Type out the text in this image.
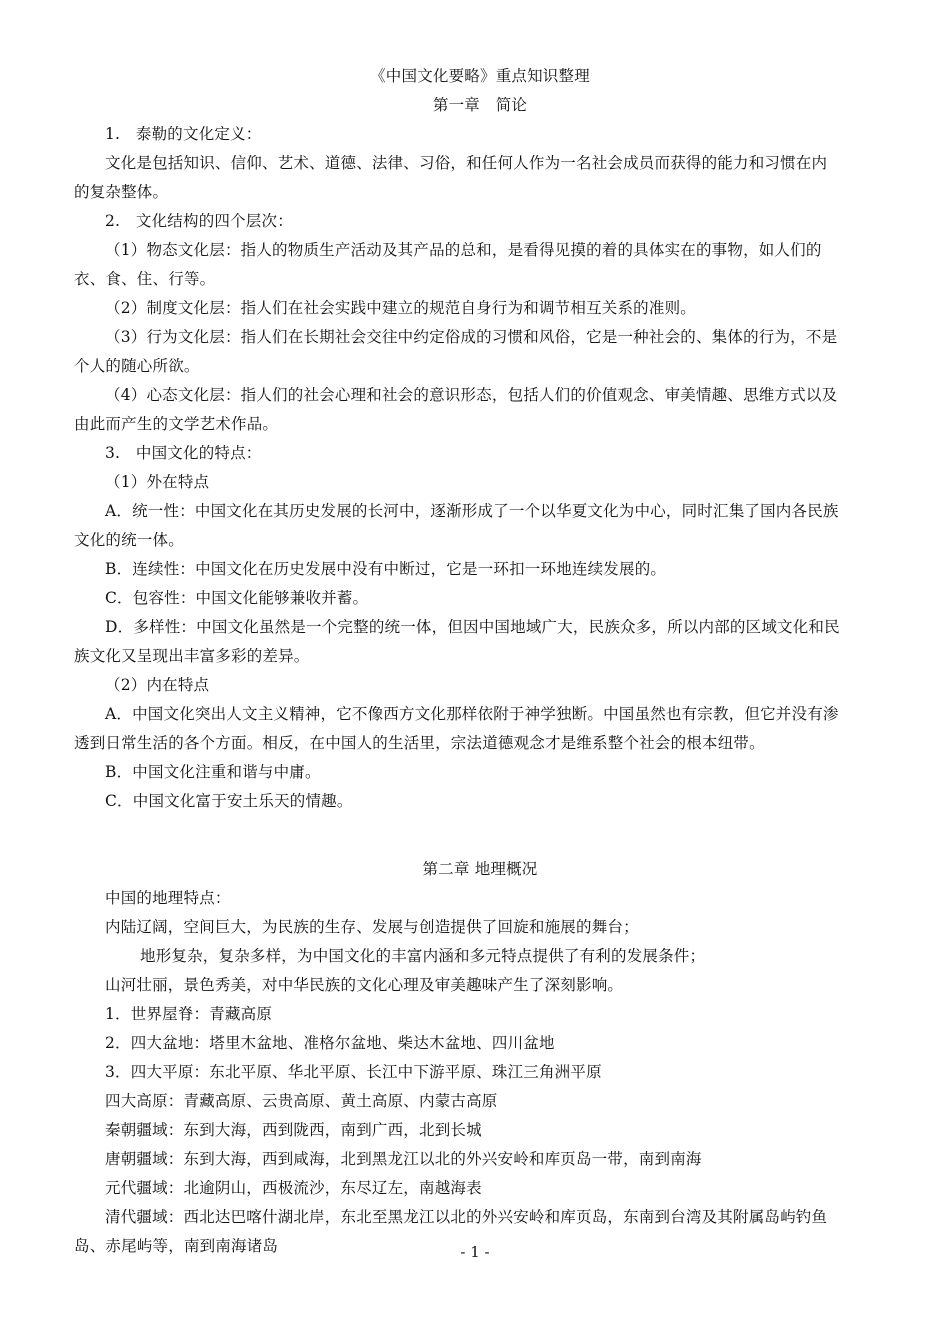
《中国文化要略》重点知识整理
第一章　简论
1.　泰勒的文化定义：
文化是包括知识、信仰、艺术、道德、法律、习俗，和任何人作为一名社会成员而获得的能力和习惯在内
的复杂整体。
2.　文化结构的四个层次：
（1）物态文化层：指人的物质生产活动及其产品的总和，是看得见摸的着的具体实在的事物，如人们的
衣、食、住、行等。
（2）制度文化层：指人们在社会实践中建立的规范自身行为和调节相互关系的准则。
（3）行为文化层：指人们在长期社会交往中约定俗成的习惯和风俗，它是一种社会的、集体的行为，不是
个人的随心所欲。
（4）心态文化层：指人们的社会心理和社会的意识形态，包括人们的价值观念、审美情趣、思维方式以及
由此而产生的文学艺术作品。
3.　中国文化的特点：
（1）外在特点
A．统一性：中国文化在其历史发展的长河中，逐渐形成了一个以华夏文化为中心，同时汇集了国内各民族
文化的统一体。
B．连续性：中国文化在历史发展中没有中断过，它是一环扣一环地连续发展的。
C．包容性：中国文化能够兼收并蓄。
D．多样性：中国文化虽然是一个完整的统一体，但因中国地域广大，民族众多，所以内部的区域文化和民
族文化又呈现出丰富多彩的差异。
（2）内在特点
A．中国文化突出人文主义精神，它不像西方文化那样依附于神学独断。中国虽然也有宗教，但它并没有渗
透到日常生活的各个方面。相反，在中国人的生活里，宗法道德观念才是维系整个社会的根本纽带。
B．中国文化注重和谐与中庸。
C．中国文化富于安土乐天的情趣。
第二章 地理概况
中国的地理特点：
内陆辽阔，空间巨大，为民族的生存、发展与创造提供了回旋和施展的舞台；
地形复杂，复杂多样，为中国文化的丰富内涵和多元特点提供了有利的发展条件；
山河壮丽，景色秀美，对中华民族的文化心理及审美趣味产生了深刻影响。
1．世界屋脊：青藏高原
2．四大盆地：塔里木盆地、准格尔盆地、柴达木盆地、四川盆地
3．四大平原：东北平原、华北平原、长江中下游平原、珠江三角洲平原
四大高原：青藏高原、云贵高原、黄土高原、内蒙古高原
秦朝疆域：东到大海，西到陇西，南到广西，北到长城
唐朝疆域：东到大海，西到咸海，北到黑龙江以北的外兴安岭和库页岛一带，南到南海
元代疆域：北逾阴山，西极流沙，东尽辽左，南越海表
清代疆域：西北达巴喀什湖北岸，东北至黑龙江以北的外兴安岭和库页岛，东南到台湾及其附属岛屿钓鱼
岛、赤尾屿等，南到南海诸岛	- 1 -
